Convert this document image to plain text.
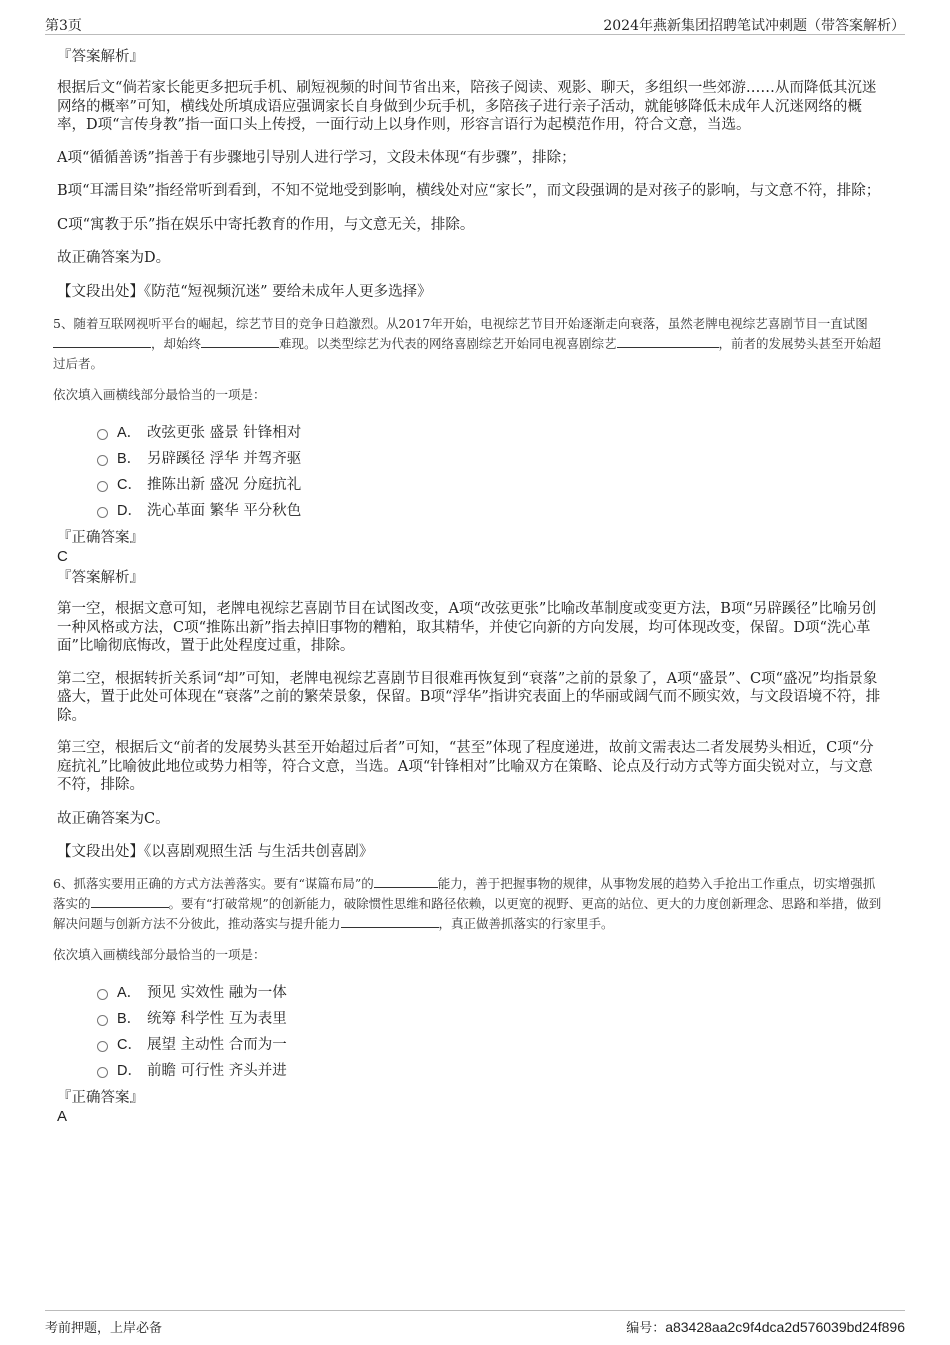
第3页	2024年燕新集团招聘笔试冲刺题（带答案解析）

『答案解析』

根据后文“倘若家长能更多把玩手机、刷短视频的时间节省出来，陪孩子阅读、观影、聊天，多组织一些郊游……从而降低其沉迷网络的概率”可知，横线处所填成语应强调家长自身做到少玩手机，多陪孩子进行亲子活动，就能够降低未成年人沉迷网络的概率，D项“言传身教”指一面口头上传授，一面行动上以身作则，形容言语行为起模范作用，符合文意，当选。

A项“循循善诱”指善于有步骤地引导别人进行学习，文段未体现“有步骤”，排除；

B项“耳濡目染”指经常听到看到，不知不觉地受到影响，横线处对应“家长”，而文段强调的是对孩子的影响，与文意不符，排除；

C项“寓教于乐”指在娱乐中寄托教育的作用，与文意无关，排除。

故正确答案为D。

【文段出处】《防范“短视频沉迷” 要给未成年人更多选择》

5、随着互联网视听平台的崛起，综艺节目的竞争日趋激烈。从2017年开始，电视综艺节目开始逐渐走向衰落，虽然老牌电视综艺喜剧节目一直试图，却始终	难现。以类型综艺为代表的网络喜剧综艺开始同电视喜剧综艺	，前者的发展势头甚至开始超过后者。

依次填入画横线部分最恰当的一项是：

A． 改弦更张 盛景 针锋相对
B． 另辟蹊径 浮华 并驾齐驱
C． 推陈出新 盛况 分庭抗礼
D． 洗心革面 繁华 平分秋色

『正确答案』

C

『答案解析』

第一空，根据文意可知，老牌电视综艺喜剧节目在试图改变，A项“改弦更张”比喻改革制度或变更方法，B项“另辟蹊径”比喻另创一种风格或方法，C项“推陈出新”指去掉旧事物的糟粕，取其精华，并使它向新的方向发展，均可体现改变，保留。D项“洗心革面”比喻彻底悔改，置于此处程度过重，排除。

第二空，根据转折关系词“却”可知，老牌电视综艺喜剧节目很难再恢复到“衰落”之前的景象了，A项“盛景”、C项“盛况”均指景象盛大，置于此处可体现在“衰落”之前的繁荣景象，保留。B项“浮华”指讲究表面上的华丽或阔气而不顾实效，与文段语境不符，排除。

第三空，根据后文“前者的发展势头甚至开始超过后者”可知，“甚至”体现了程度递进，故前文需表达二者发展势头相近，C项“分庭抗礼”比喻彼此地位或势力相等，符合文意，当选。A项“针锋相对”比喻双方在策略、论点及行动方式等方面尖锐对立，与文意不符，排除。

故正确答案为C。

【文段出处】《以喜剧观照生活 与生活共创喜剧》

6、抓落实要用正确的方式方法善落实。要有“谋篇布局”的	能力，善于把握事物的规律，从事物发展的趋势入手抢出工作重点，切实增强抓落实的	。要有“打破常规”的创新能力，破除惯性思维和路径依赖，以更宽的视野、更高的站位、更大的力度创新理念、思路和举措，做到解决问题与创新方法不分彼此，推动落实与提升能力	，真正做善抓落实的行家里手。

依次填入画横线部分最恰当的一项是：

A． 预见 实效性 融为一体
B． 统筹 科学性 互为表里
C． 展望 主动性 合而为一
D． 前瞻 可行性 齐头并进

『正确答案』

A

考前押题，上岸必备	编号：a83428aa2c9f4dca2d576039bd24f896
